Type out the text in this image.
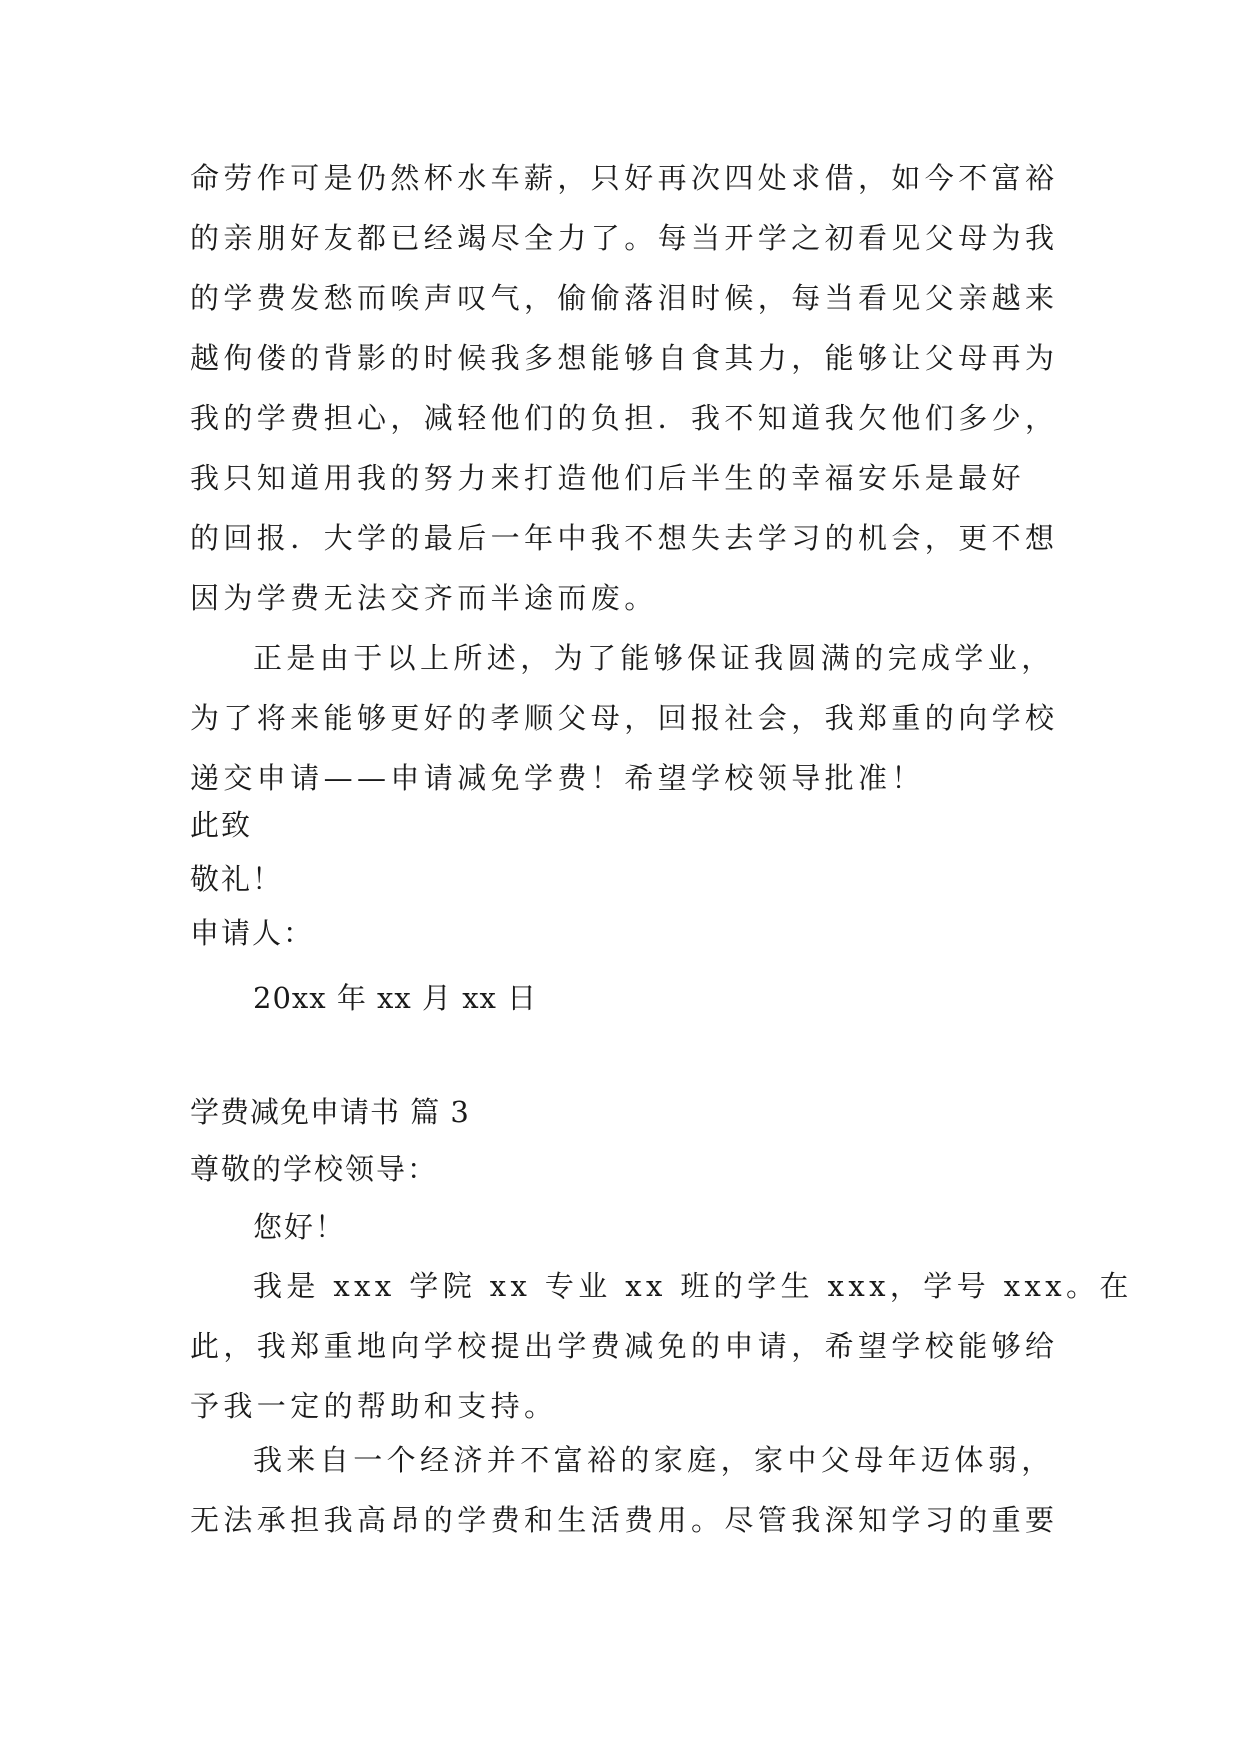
命劳作可是仍然杯水车薪，只好再次四处求借，如今不富裕
的亲朋好友都已经竭尽全力了。每当开学之初看见父母为我
的学费发愁而唉声叹气，偷偷落泪时候，每当看见父亲越来
越佝偻的背影的时候我多想能够自食其力，能够让父母再为
我的学费担心，减轻他们的负担．我不知道我欠他们多少，
我只知道用我的努力来打造他们后半生的幸福安乐是最好
的回报．大学的最后一年中我不想失去学习的机会，更不想
因为学费无法交齐而半途而废。
正是由于以上所述，为了能够保证我圆满的完成学业，
为了将来能够更好的孝顺父母，回报社会，我郑重的向学校
递交申请——申请减免学费！希望学校领导批准！
此致
敬礼！
申请人：
20xx 年 xx 月 xx 日
学费减免申请书 篇 3
尊敬的学校领导：
您好！
我是 xxx 学院 xx 专业 xx 班的学生 xxx，学号 xxx。在
此，我郑重地向学校提出学费减免的申请，希望学校能够给
予我一定的帮助和支持。
我来自一个经济并不富裕的家庭，家中父母年迈体弱，
无法承担我高昂的学费和生活费用。尽管我深知学习的重要
